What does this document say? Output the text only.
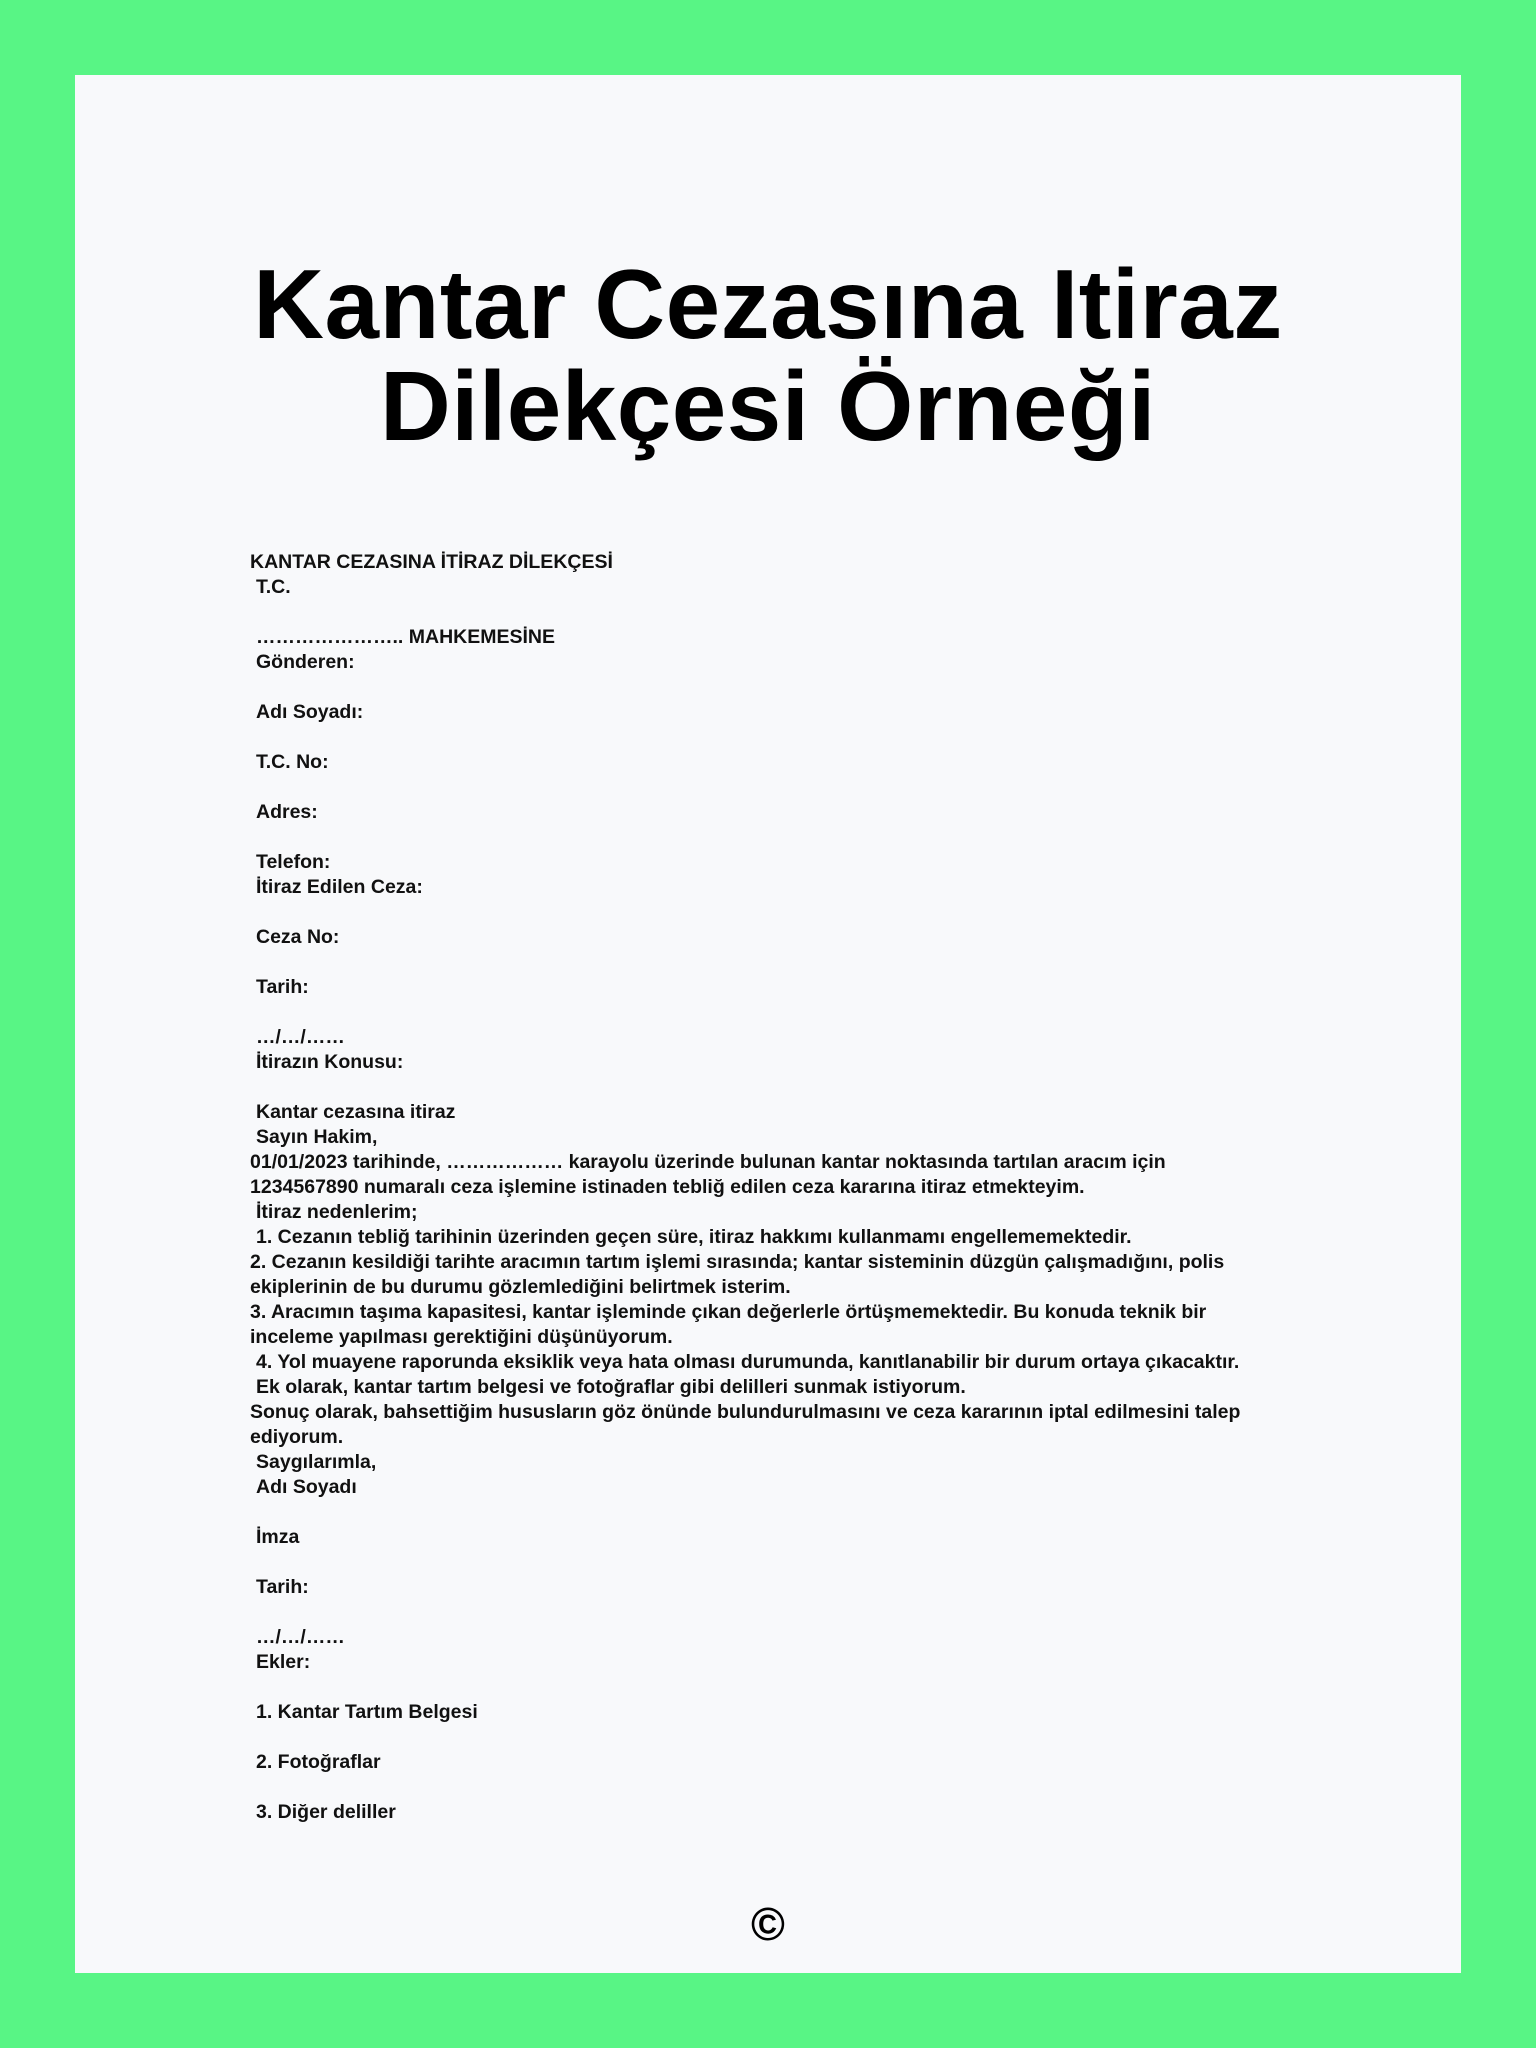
Kantar Cezasına Itiraz
Dilekçesi Örneği
KANTAR CEZASINA İTİRAZ DİLEKÇESİ
T.C.
………………….. MAHKEMESİNE
Gönderen:
Adı Soyadı:
T.C. No:
Adres:
Telefon:
İtiraz Edilen Ceza:
Ceza No:
Tarih:
…/…/……
İtirazın Konusu:
Kantar cezasına itiraz
Sayın Hakim,
01/01/2023 tarihinde, ……………… karayolu üzerinde bulunan kantar noktasında tartılan aracım için
1234567890 numaralı ceza işlemine istinaden tebliğ edilen ceza kararına itiraz etmekteyim.
İtiraz nedenlerim;
1. Cezanın tebliğ tarihinin üzerinden geçen süre, itiraz hakkımı kullanmamı engellememektedir.
2. Cezanın kesildiği tarihte aracımın tartım işlemi sırasında; kantar sisteminin düzgün çalışmadığını, polis
ekiplerinin de bu durumu gözlemlediğini belirtmek isterim.
3. Aracımın taşıma kapasitesi, kantar işleminde çıkan değerlerle örtüşmemektedir. Bu konuda teknik bir
inceleme yapılması gerektiğini düşünüyorum.
4. Yol muayene raporunda eksiklik veya hata olması durumunda, kanıtlanabilir bir durum ortaya çıkacaktır.
Ek olarak, kantar tartım belgesi ve fotoğraflar gibi delilleri sunmak istiyorum.
Sonuç olarak, bahsettiğim hususların göz önünde bulundurulmasını ve ceza kararının iptal edilmesini talep
ediyorum.
Saygılarımla,
Adı Soyadı
İmza
Tarih:
…/…/……
Ekler:
1. Kantar Tartım Belgesi
2. Fotoğraflar
3. Diğer deliller
©
